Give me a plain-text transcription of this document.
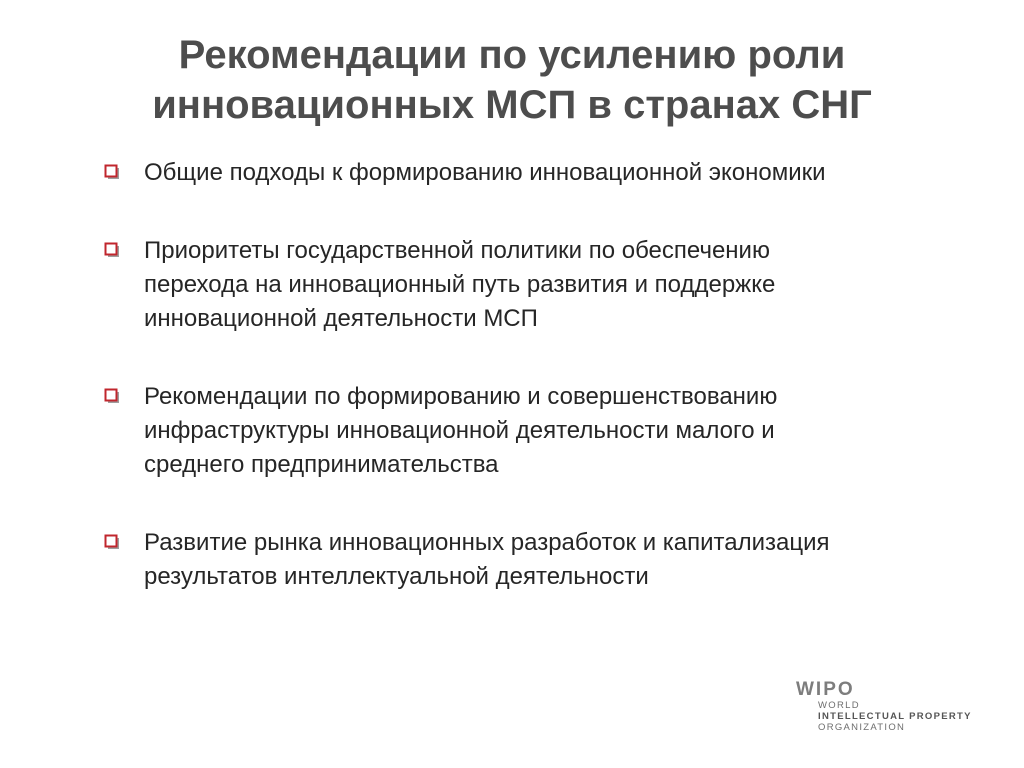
Рекомендации по усилению роли
инновационных МСП в странах СНГ
Общие подходы к формированию инновационной экономики
Приоритеты государственной политики по обеспечению
перехода на инновационный путь развития и поддержке
инновационной деятельности МСП
Рекомендации по формированию и совершенствованию
инфраструктуры инновационной деятельности малого и
среднего предпринимательства
Развитие рынка инновационных разработок и капитализация
результатов интеллектуальной деятельности
WIPO
WORLD
INTELLECTUAL PROPERTY
ORGANIZATION
